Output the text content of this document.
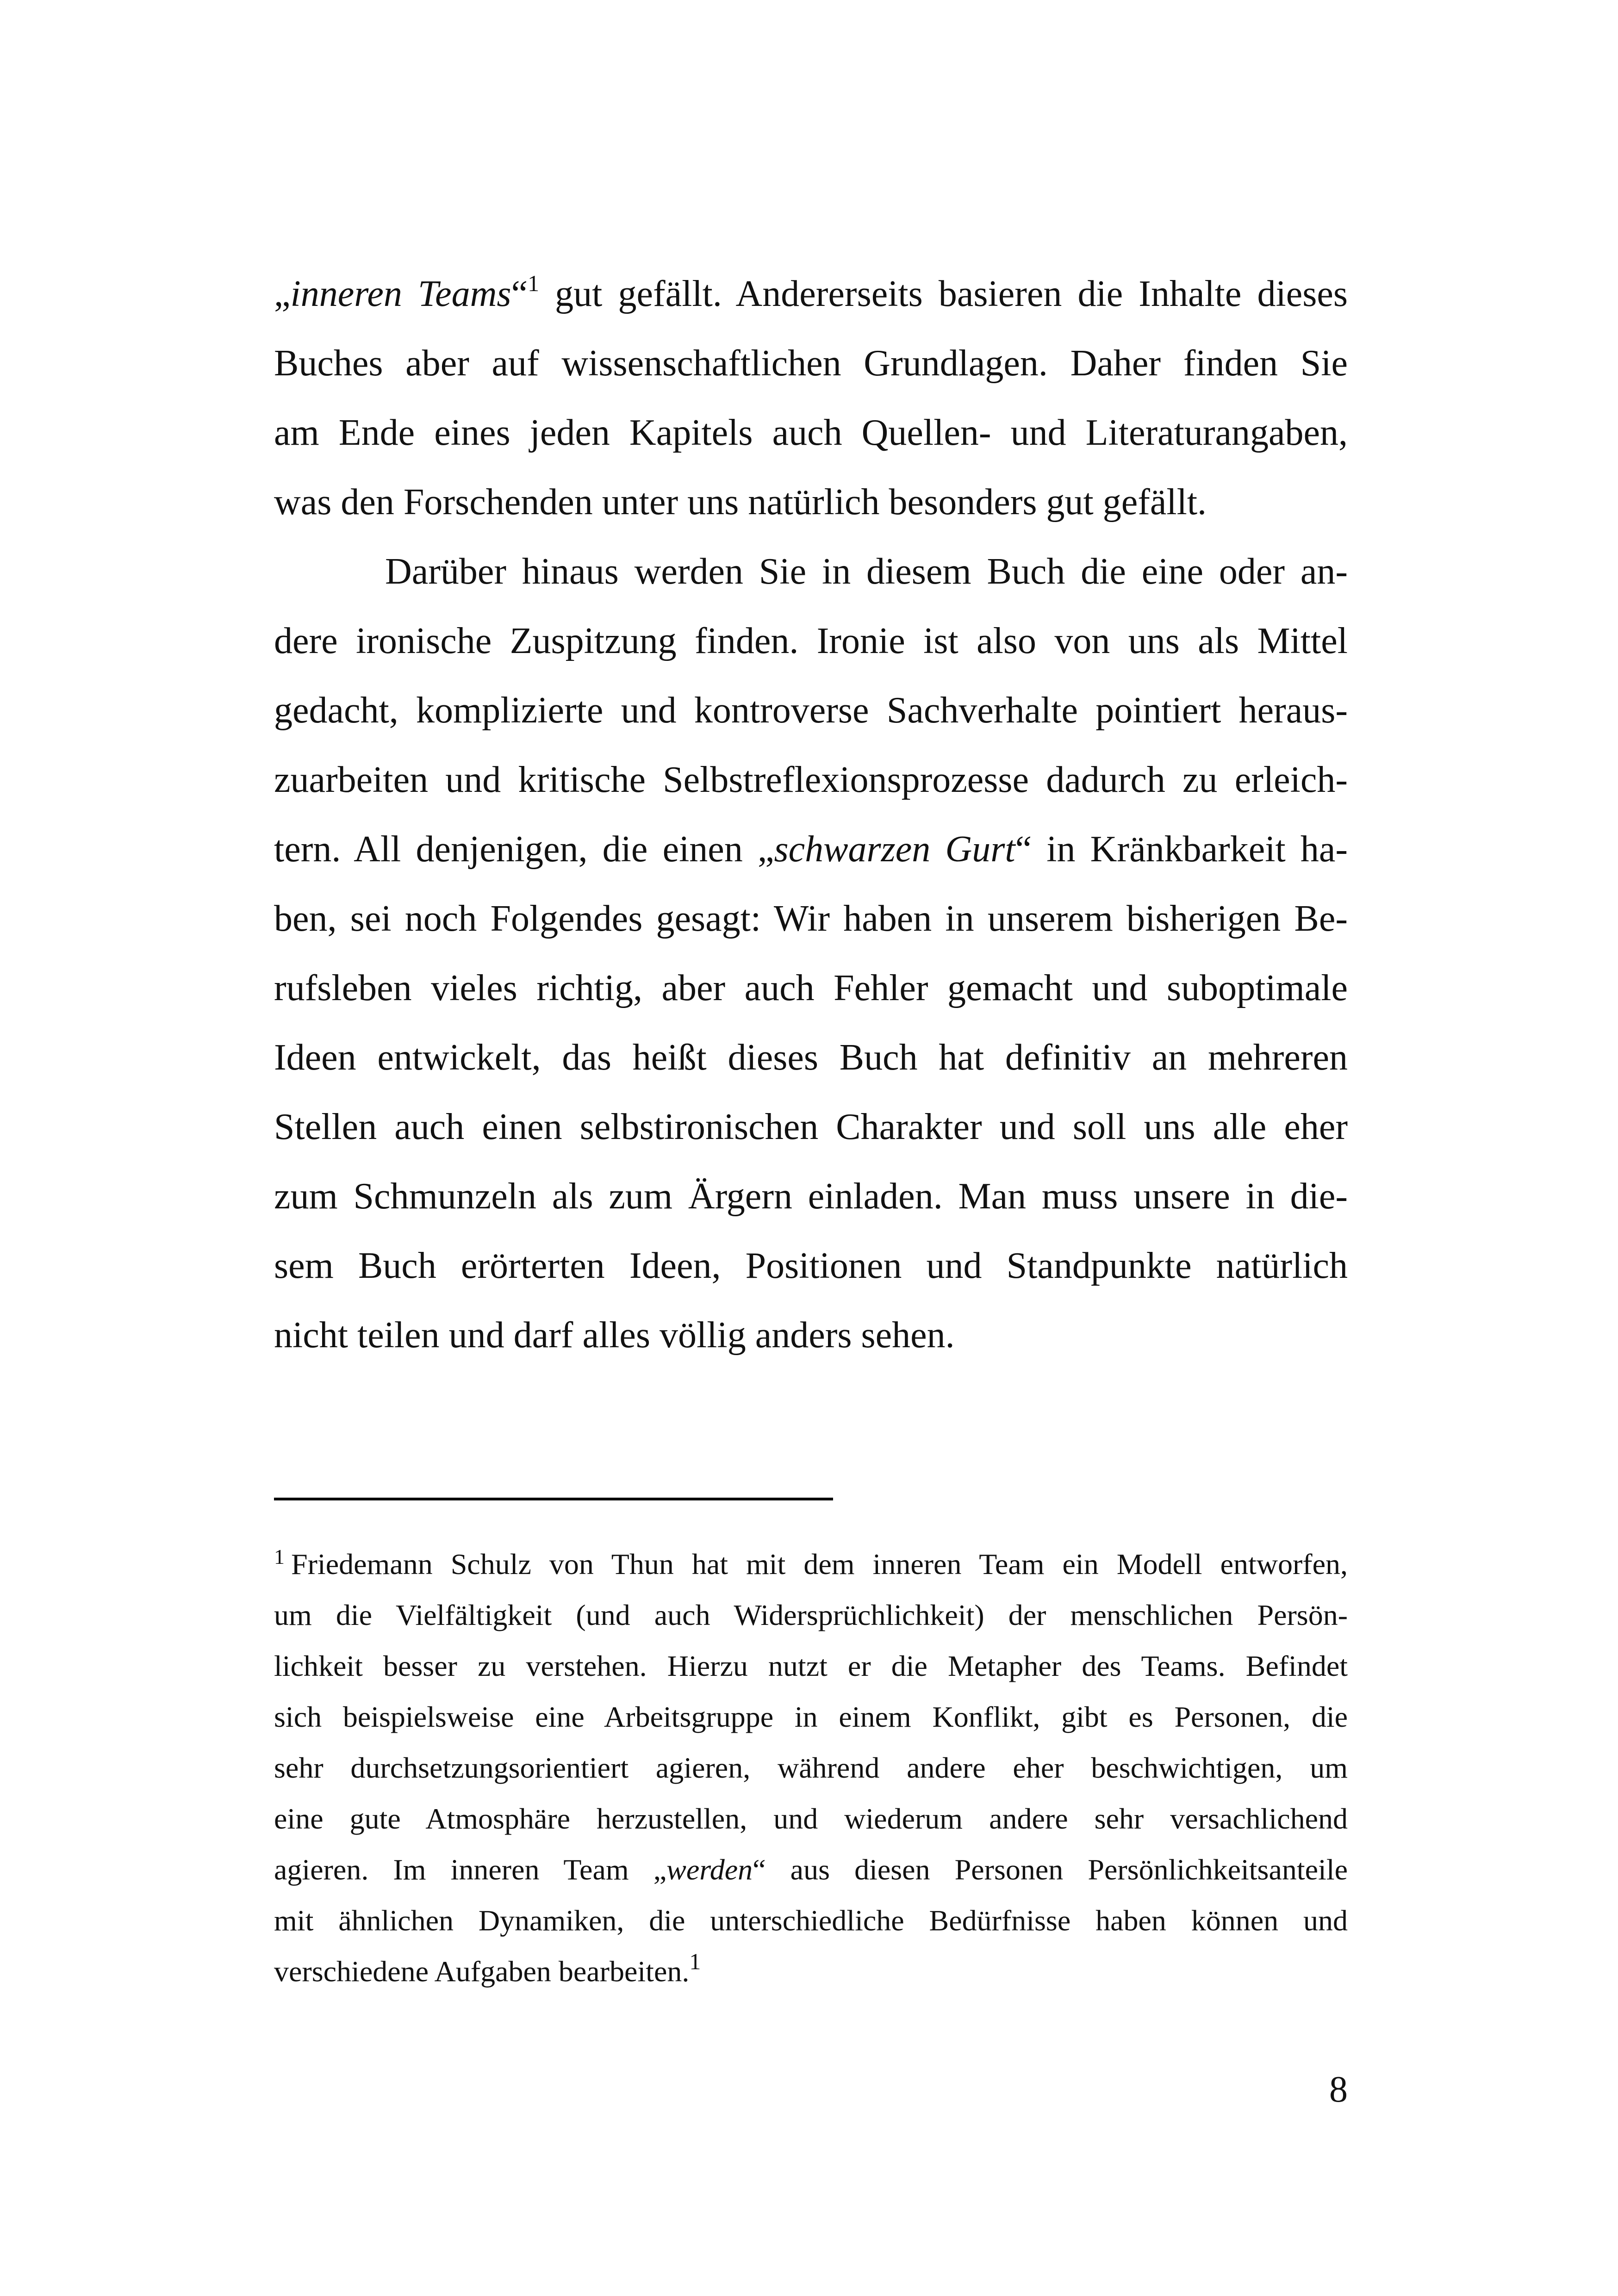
„inneren Teams“$^1$ gut gefällt. Andererseits basieren die Inhalte dieses
Buches aber auf wissenschaftlichen Grundlagen. Daher finden Sie
am Ende eines jeden Kapitels auch Quellen- und Literaturangaben,
was den Forschenden unter uns natürlich besonders gut gefällt.

Darüber hinaus werden Sie in diesem Buch die eine oder an-
dere ironische Zuspitzung finden. Ironie ist also von uns als Mittel
gedacht, komplizierte und kontroverse Sachverhalte pointiert heraus-
zuarbeiten und kritische Selbstreflexionsprozesse dadurch zu erleich-
tern. All denjenigen, die einen „schwarzen Gurt“ in Kränkbarkeit ha-
ben, sei noch Folgendes gesagt: Wir haben in unserem bisherigen Be-
rufsleben vieles richtig, aber auch Fehler gemacht und suboptimale
Ideen entwickelt, das heißt dieses Buch hat definitiv an mehreren
Stellen auch einen selbstironischen Charakter und soll uns alle eher
zum Schmunzeln als zum Ärgern einladen. Man muss unsere in die-
sem Buch erörterten Ideen, Positionen und Standpunkte natürlich
nicht teilen und darf alles völlig anders sehen.

$^1$ Friedemann Schulz von Thun hat mit dem inneren Team ein Modell entworfen,
um die Vielfältigkeit (und auch Widersprüchlichkeit) der menschlichen Persön-
lichkeit besser zu verstehen. Hierzu nutzt er die Metapher des Teams. Befindet
sich beispielsweise eine Arbeitsgruppe in einem Konflikt, gibt es Personen, die
sehr durchsetzungsorientiert agieren, während andere eher beschwichtigen, um
eine gute Atmosphäre herzustellen, und wiederum andere sehr versachlichend
agieren. Im inneren Team „werden“ aus diesen Personen Persönlichkeitsanteile
mit ähnlichen Dynamiken, die unterschiedliche Bedürfnisse haben können und
verschiedene Aufgaben bearbeiten.$^1$

8
